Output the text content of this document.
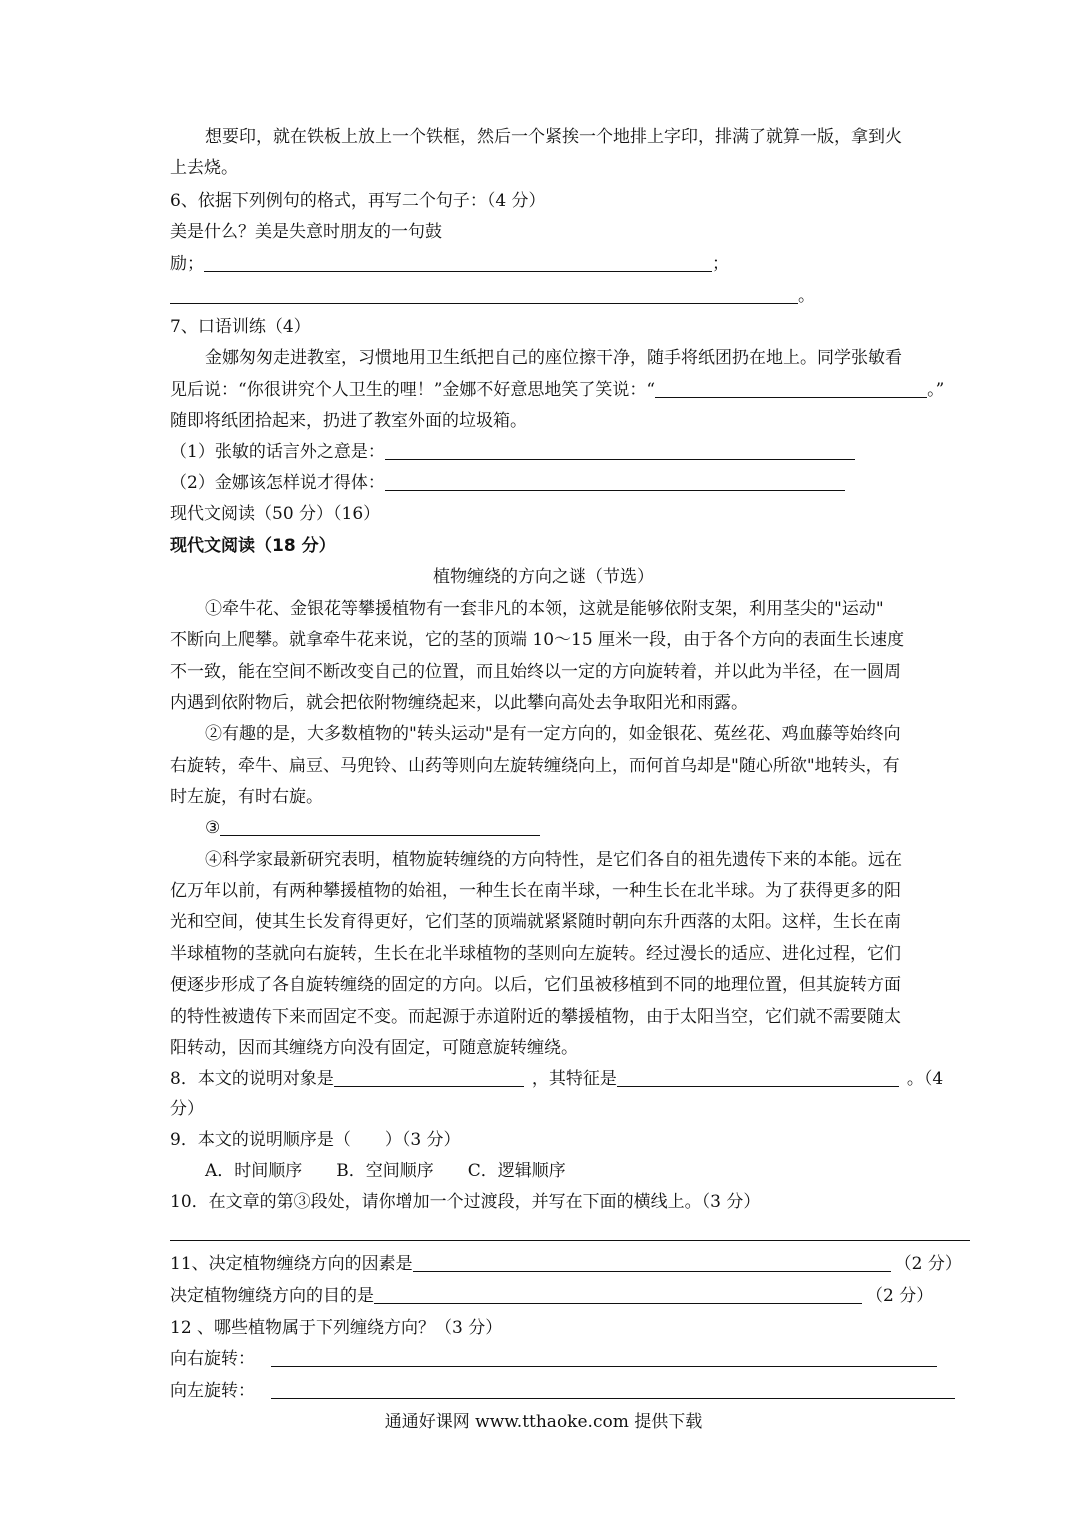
想要印，就在铁板上放上一个铁框，然后一个紧挨一个地排上字印，排满了就算一版，拿到火
上去烧。
6、依据下列例句的格式，再写二个句子：（4 分）
美是什么？美是失意时朋友的一句鼓
励；	；
。
7、口语训练（4）
金娜匆匆走进教室，习惯地用卫生纸把自己的座位擦干净，随手将纸团扔在地上。同学张敏看
见后说：“你很讲究个人卫生的哩！”金娜不好意思地笑了笑说：“	。”
随即将纸团拾起来，扔进了教室外面的垃圾箱。
（1）张敏的话言外之意是：
（2）金娜该怎样说才得体：
现代文阅读（50 分）（16）
现代文阅读（18 分）
植物缠绕的方向之谜（节选）
①牵牛花、金银花等攀援植物有一套非凡的本领，这就是能够依附支架，利用茎尖的"运动"
不断向上爬攀。就拿牵牛花来说，它的茎的顶端 10～15 厘米一段，由于各个方向的表面生长速度
不一致，能在空间不断改变自己的位置，而且始终以一定的方向旋转着，并以此为半径，在一圆周
内遇到依附物后，就会把依附物缠绕起来，以此攀向高处去争取阳光和雨露。
②有趣的是，大多数植物的"转头运动"是有一定方向的，如金银花、菟丝花、鸡血藤等始终向
右旋转，牵牛、扁豆、马兜铃、山药等则向左旋转缠绕向上，而何首乌却是"随心所欲"地转头，有
时左旋，有时右旋。
③
④科学家最新研究表明，植物旋转缠绕的方向特性，是它们各自的祖先遗传下来的本能。远在
亿万年以前，有两种攀援植物的始祖，一种生长在南半球，一种生长在北半球。为了获得更多的阳
光和空间，使其生长发育得更好，它们茎的顶端就紧紧随时朝向东升西落的太阳。这样，生长在南
半球植物的茎就向右旋转，生长在北半球植物的茎则向左旋转。经过漫长的适应、进化过程，它们
便逐步形成了各自旋转缠绕的固定的方向。以后，它们虽被移植到不同的地理位置，但其旋转方面
的特性被遗传下来而固定不变。而起源于赤道附近的攀援植物，由于太阳当空，它们就不需要随太
阳转动，因而其缠绕方向没有固定，可随意旋转缠绕。
8．本文的说明对象是	，其特征是	。（4
分）
9．本文的说明顺序是（　　）（3 分）
A．时间顺序　　B．空间顺序　　C．逻辑顺序
10．在文章的第③段处，请你增加一个过渡段，并写在下面的横线上。（3 分）
11、决定植物缠绕方向的因素是	（2 分）
决定植物缠绕方向的目的是	（2 分）
12 、哪些植物属于下列缠绕方向？（3 分）
向右旋转：
向左旋转：
通通好课网 www.tthaoke.com 提供下载
